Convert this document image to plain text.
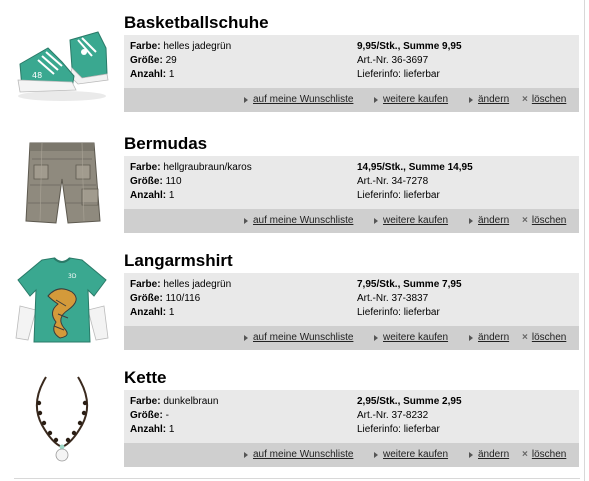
48
Basketballschuhe
Farbe: helles jadegrün
Größe: 29
Anzahl: 1
9,95/Stk., Summe 9,95
Art.-Nr. 36-3697
Lieferinfo: lieferbar
auf meine Wunschliste	weitere kaufen	ändern × löschen
Bermudas
Farbe: hellgraubraun/karos
Größe: 110
Anzahl: 1
14,95/Stk., Summe 14,95
Art.-Nr. 34-7278
Lieferinfo: lieferbar
auf meine Wunschliste	weitere kaufen	ändern × löschen
3D
Langarmshirt
Farbe: helles jadegrün
Größe: 110/116
Anzahl: 1
7,95/Stk., Summe 7,95
Art.-Nr. 37-3837
Lieferinfo: lieferbar
auf meine Wunschliste	weitere kaufen	ändern × löschen
Kette
Farbe: dunkelbraun
Größe: -
Anzahl: 1
2,95/Stk., Summe 2,95
Art.-Nr. 37-8232
Lieferinfo: lieferbar
auf meine Wunschliste	weitere kaufen	ändern × löschen
